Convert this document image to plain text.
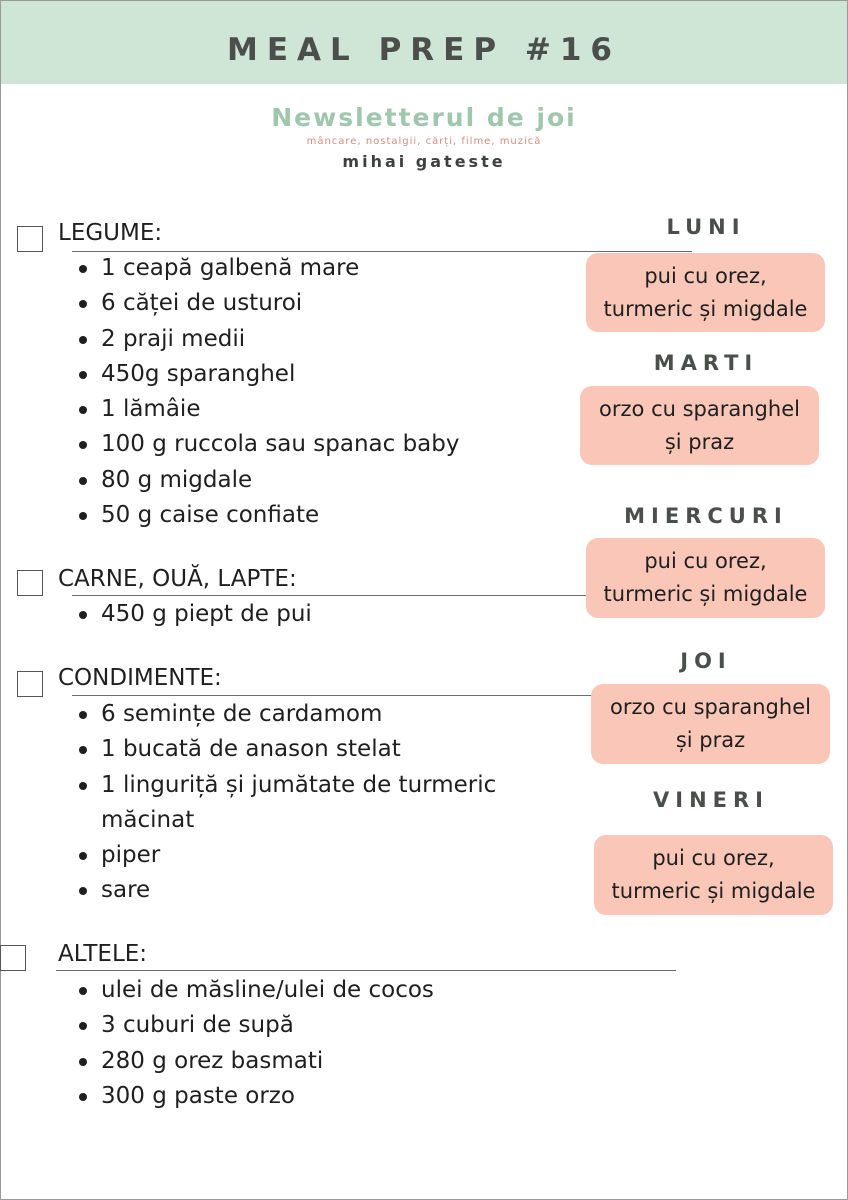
MEAL PREP #16
Newsletterul de joi
mâncare, nostalgii, cărți, filme, muzică
mihai gateste
LEGUME:
1 ceapă galbenă mare
6 căței de usturoi
2 praji medii
450g sparanghel
1 lămâie
100 g ruccola sau spanac baby
80 g migdale
50 g caise confiate
CARNE, OUĂ, LAPTE:
450 g piept de pui
CONDIMENTE:
6 semințe de cardamom
1 bucată de anason stelat
1 linguriță și jumătate de turmeric măcinat
piper
sare
ALTELE:
ulei de măsline/ulei de cocos
3 cuburi de supă
280 g orez basmati
300 g paste orzo
LUNI
pui cu orez,
turmeric și migdale
MARTI
orzo cu sparanghel
și praz
MIERCURI
pui cu orez,
turmeric și migdale
JOI
orzo cu sparanghel
și praz
VINERI
pui cu orez,
turmeric și migdale
